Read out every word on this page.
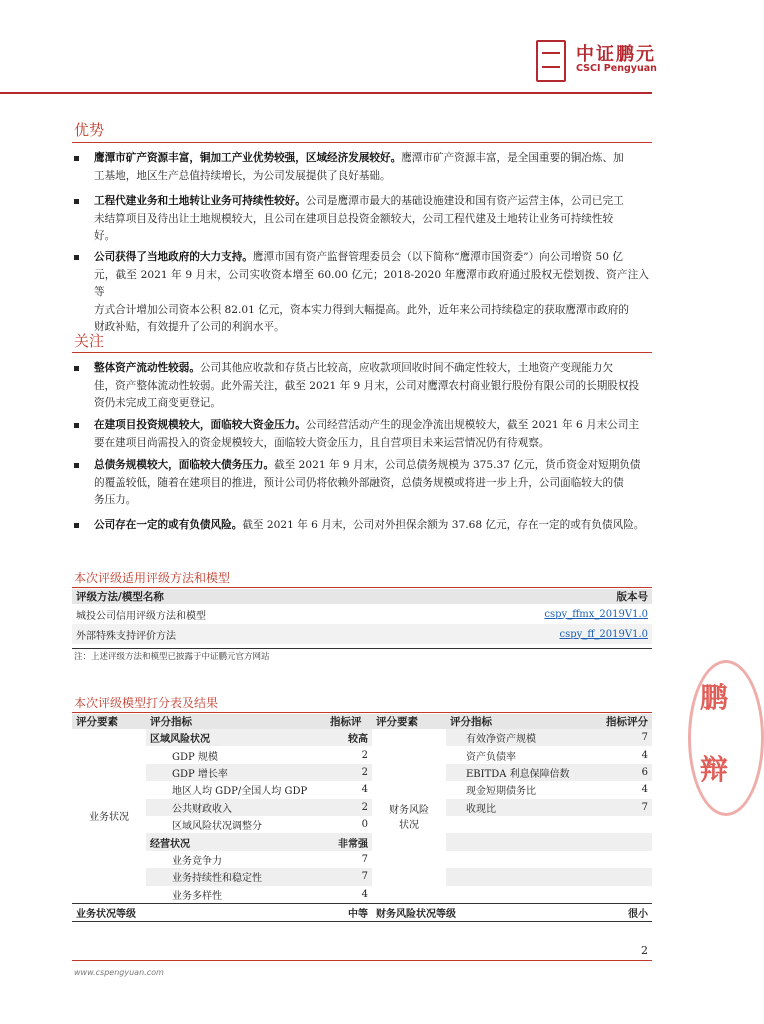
中证鹏元
CSCI Pengyuan
优势
鹰潭市矿产资源丰富，铜加工产业优势较强，区域经济发展较好。鹰潭市矿产资源丰富，是全国重要的铜冶炼、加
工基地，地区生产总值持续增长，为公司发展提供了良好基础。
工程代建业务和土地转让业务可持续性较好。公司是鹰潭市最大的基础设施建设和国有资产运营主体，公司已完工
未结算项目及待出让土地规模较大，且公司在建项目总投资金额较大，公司工程代建及土地转让业务可持续性较
好。
公司获得了当地政府的大力支持。鹰潭市国有资产监督管理委员会（以下简称“鹰潭市国资委”）向公司增资 50 亿
元，截至 2021 年 9 月末，公司实收资本增至 60.00 亿元；2018-2020 年鹰潭市政府通过股权无偿划拨、资产注入等
方式合计增加公司资本公积 82.01 亿元，资本实力得到大幅提高。此外，近年来公司持续稳定的获取鹰潭市政府的
财政补贴，有效提升了公司的利润水平。
关注
整体资产流动性较弱。公司其他应收款和存货占比较高，应收款项回收时间不确定性较大，土地资产变现能力欠
佳，资产整体流动性较弱。此外需关注，截至 2021 年 9 月末，公司对鹰潭农村商业银行股份有限公司的长期股权投
资仍未完成工商变更登记。
在建项目投资规模较大，面临较大资金压力。公司经营活动产生的现金净流出规模较大，截至 2021 年 6 月末公司主
要在建项目尚需投入的资金规模较大，面临较大资金压力，且自营项目未来运营情况仍有待观察。
总债务规模较大，面临较大债务压力。截至 2021 年 9 月末，公司总债务规模为 375.37 亿元，货币资金对短期负债
的覆盖较低，随着在建项目的推进，预计公司仍将依赖外部融资，总债务规模或将进一步上升，公司面临较大的债
务压力。
公司存在一定的或有负债风险。截至 2021 年 6 月末，公司对外担保余额为 37.68 亿元，存在一定的或有负债风险。
本次评级适用评级方法和模型
评级方法/模型名称	版本号
城投公司信用评级方法和模型	cspy_ffmx_2019V1.0
外部特殊支持评价方法	cspy_ff_2019V1.0
注：上述评级方法和模型已披露于中证鹏元官方网站
本次评级模型打分表及结果
评分要素	评分指标	指标评	评分要素	评分指标	指标评分
业务状况	区域风险状况	较高	财务风险状况	有效净资产规模	7
	GDP 规模	2		资产负债率	4
	GDP 增长率	2		EBITDA 利息保障倍数	6
	地区人均 GDP/全国人均 GDP	4		现金短期债务比	4
	公共财政收入	2		收现比	7
	区域风险状况调整分	0			
	经营状况	非常强			
	业务竞争力	7			
	业务持续性和稳定性	7			
	业务多样性	4			
业务状况等级		中等	财务风险状况等级		很小
鹏
辩
2
www.cspengyuan.com
